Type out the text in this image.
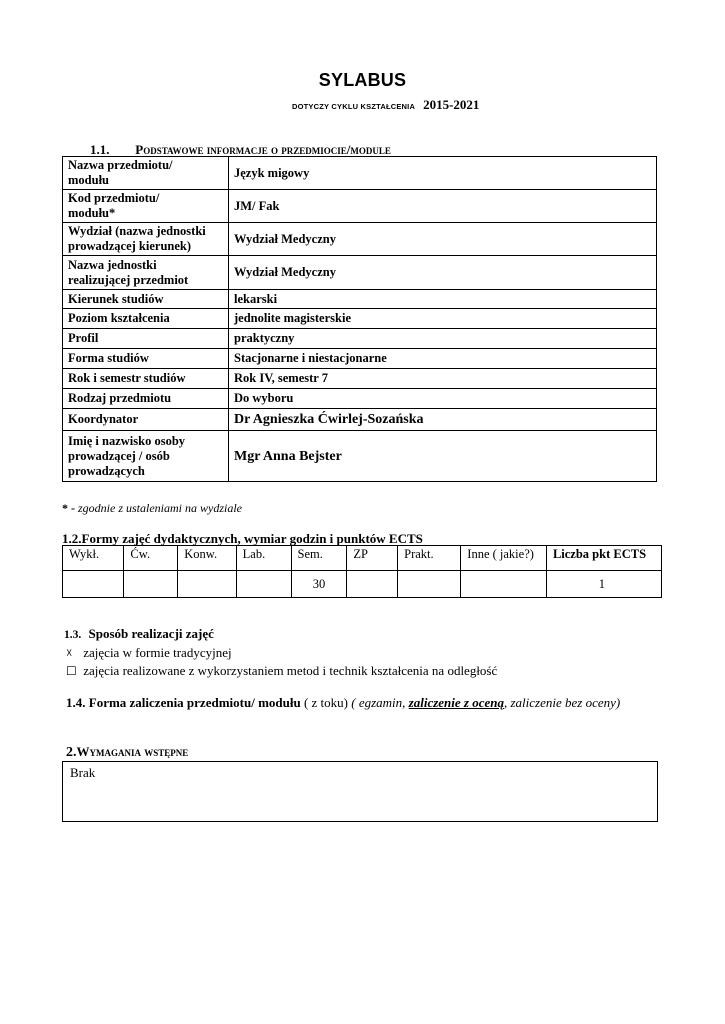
SYLABUS
DOTYCZY CYKLU KSZTAŁCENIA 2015-2021
1.1. Podstawowe informacje o przedmiocie/module
Nazwa przedmiotu/
modułu	Język migowy
Kod przedmiotu/
modułu*	JM/ Fak
Wydział (nazwa jednostki
prowadzącej kierunek)	Wydział Medyczny
Nazwa jednostki
realizującej przedmiot	Wydział Medyczny
Kierunek studiów	lekarski
Poziom kształcenia	jednolite magisterskie
Profil	praktyczny
Forma studiów	Stacjonarne i niestacjonarne
Rok i semestr studiów	Rok IV, semestr 7
Rodzaj przedmiotu	Do wyboru
Koordynator	Dr Agnieszka Ćwirlej-Sozańska
Imię i nazwisko osoby
prowadzącej / osób
prowadzących	Mgr Anna Bejster
* - zgodnie z ustaleniami na wydziale
1.2.Formy zajęć dydaktycznych, wymiar godzin i punktów ECTS
Wykł.	Ćw.	Konw.	Lab.	Sem.	ZP	Prakt.	Inne ( jakie?)	Liczba pkt ECTS
				30				1
1.3. Sposób realizacji zajęć
☓ zajęcia w formie tradycyjnej
☐ zajęcia realizowane z wykorzystaniem metod i technik kształcenia na odległość
1.4. Forma zaliczenia przedmiotu/ modułu ( z toku) ( egzamin, zaliczenie z oceną, zaliczenie bez oceny)
2.Wymagania wstępne
Brak
